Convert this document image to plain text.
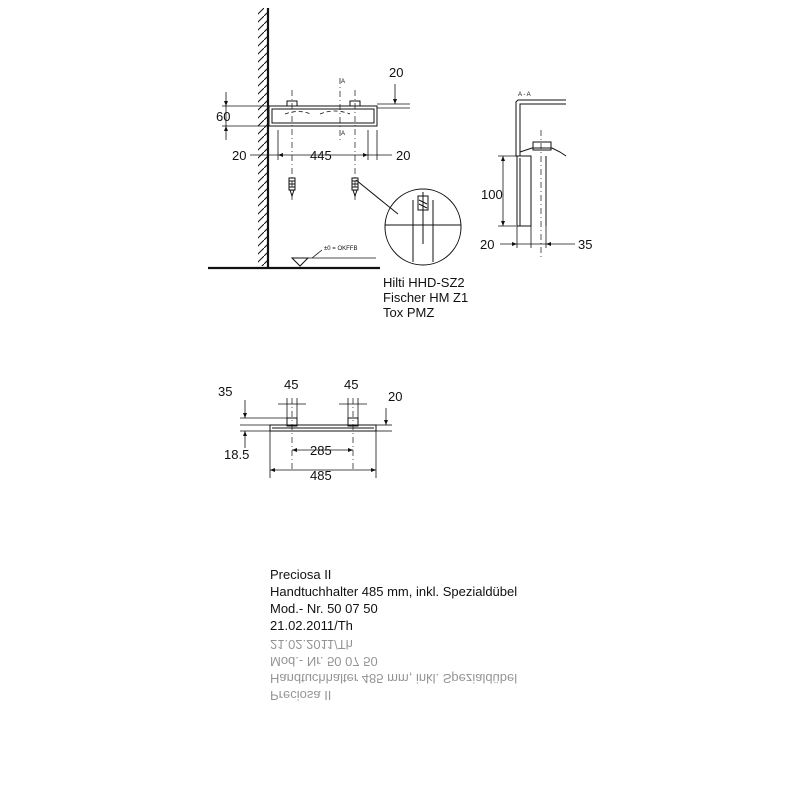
A
A
20
60
20	445	20
±0 = OKFFB
Hilti HHD-SZ2
Fischer HM Z1
Tox PMZ
A - A
100
20	35
35
18.5
45	45
20
285
485
Preciosa II
Handtuchhalter 485 mm, inkl. Spezialdübel
Mod.- Nr. 50 07 50
21.02.2011/Th
Preciosa II
Handtuchhalter 485 mm, inkl. Spezialdübel
Mod.- Nr. 50 07 50
21.02.2011/Th
